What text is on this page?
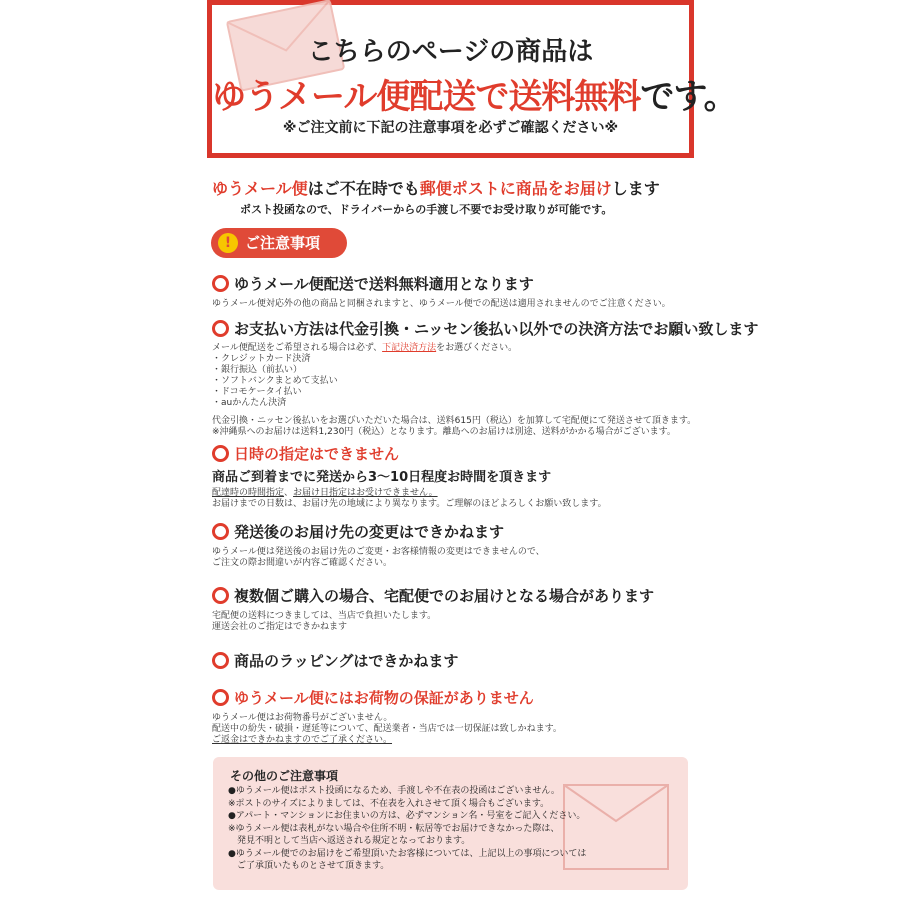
こちらのページの商品は
ゆうメール便配送で送料無料です。
※ご注文前に下記の注意事項を必ずご確認ください※
ゆうメール便はご不在時でも郵便ポストに商品をお届けします
ポスト投函なので、ドライバーからの手渡し不要でお受け取りが可能です。
! ご注意事項
ゆうメール便配送で送料無料適用となります
ゆうメール便対応外の他の商品と同梱されますと、ゆうメール便での配送は適用されませんのでご注意ください。
お支払い方法は代金引換・ニッセン後払い以外での決済方法でお願い致します
メール便配送をご希望される場合は必ず、下記決済方法をお選びください。
・クレジットカード決済
・銀行振込（前払い）
・ソフトバンクまとめて支払い
・ドコモケータイ払い
・auかんたん決済
代金引換・ニッセン後払いをお選びいただいた場合は、送料615円（税込）を加算して宅配便にて発送させて頂きます。
※沖縄県へのお届けは送料1,230円（税込）となります。離島へのお届けは別途、送料がかかる場合がございます。
日時の指定はできません
商品ご到着までに発送から3〜10日程度お時間を頂きます
配達時の時間指定、お届け日指定はお受けできません。
お届けまでの日数は、お届け先の地域により異なります。ご理解のほどよろしくお願い致します。
発送後のお届け先の変更はできかねます
ゆうメール便は発送後のお届け先のご変更・お客様情報の変更はできませんので、
ご注文の際お間違いが内容ご確認ください。
複数個ご購入の場合、宅配便でのお届けとなる場合があります
宅配便の送料につきましては、当店で負担いたします。
運送会社のご指定はできかねます
商品のラッピングはできかねます
ゆうメール便にはお荷物の保証がありません
ゆうメール便はお荷物番号がございません。
配送中の紛失・破損・遅延等について、配送業者・当店では一切保証は致しかねます。
ご返金はできかねますのでご了承ください。
その他のご注意事項
●ゆうメール便はポスト投函になるため、手渡しや不在表の投函はございません。
※ポストのサイズによりましては、不在表を入れさせて頂く場合もございます。
●アパート・マンションにお住まいの方は、必ずマンション名・号室をご記入ください。
※ゆうメール便は表札がない場合や住所不明・転居等でお届けできなかった際は、
　発見不明として当店へ返送される規定となっております。
●ゆうメール便でのお届けをご希望頂いたお客様については、上記以上の事項については
　ご了承頂いたものとさせて頂きます。
